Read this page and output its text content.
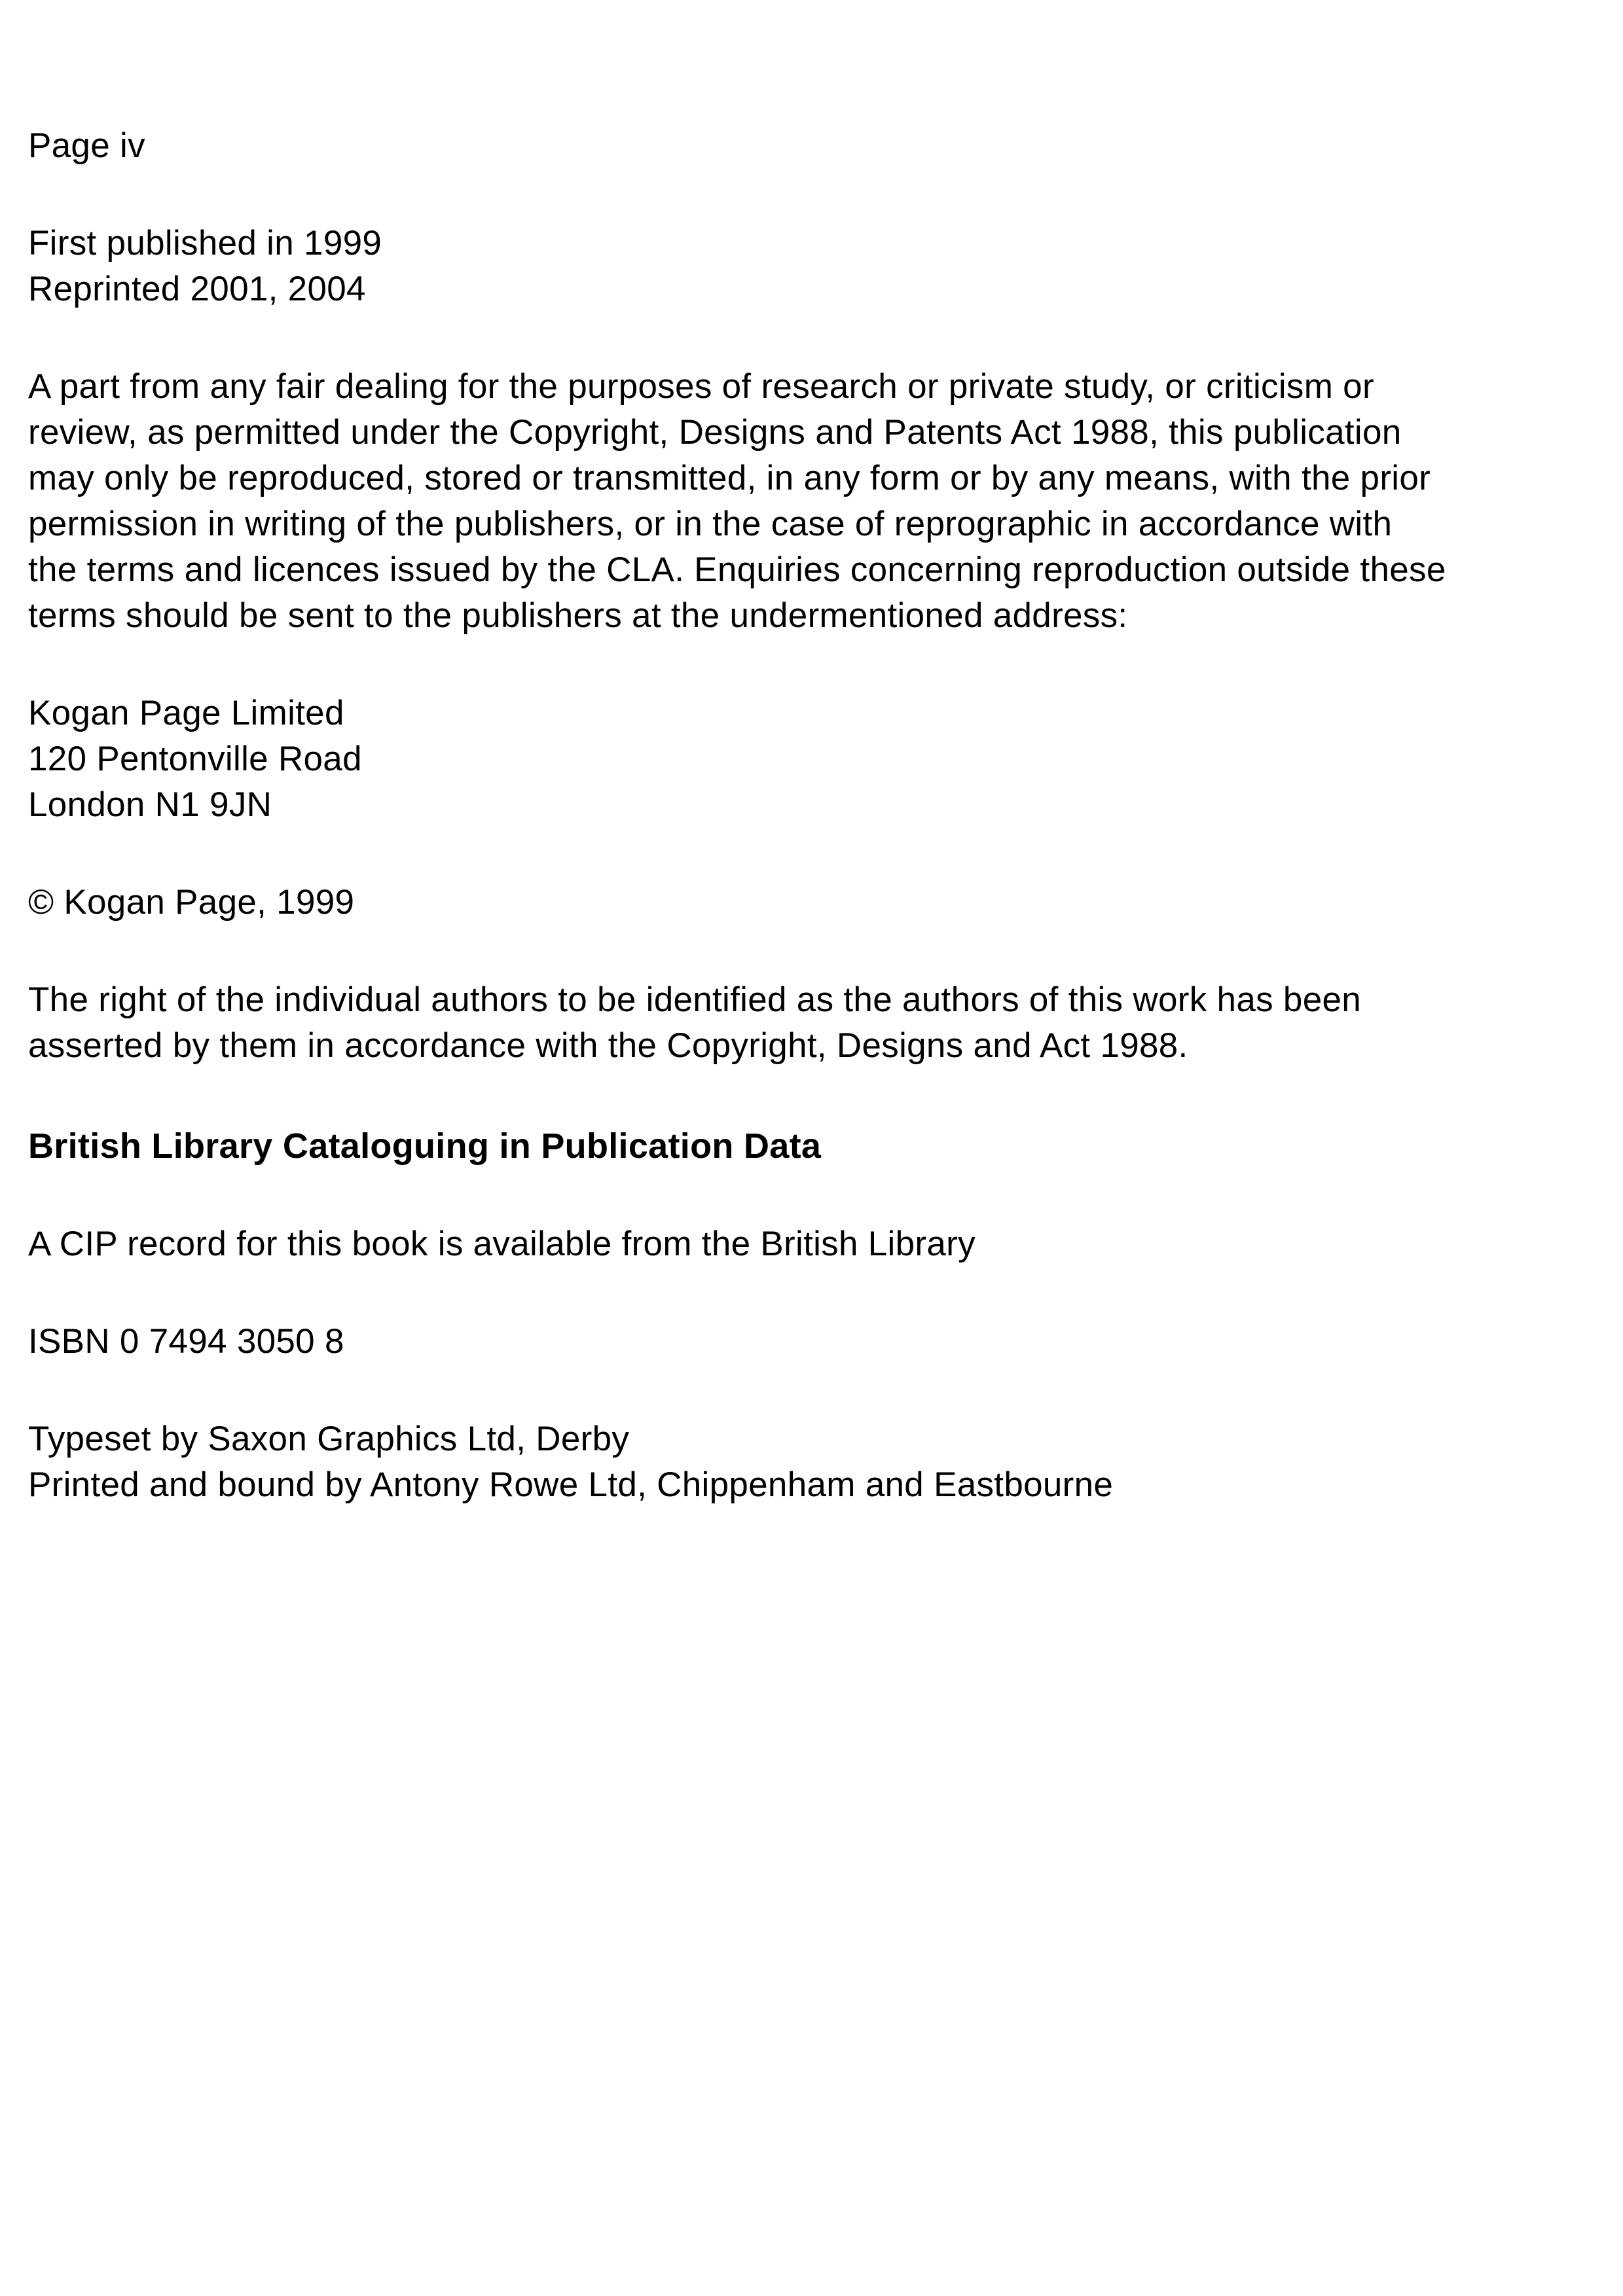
Page iv
First published in 1999
Reprinted 2001, 2004
A part from any fair dealing for the purposes of research or private study, or criticism or
review, as permitted under the Copyright, Designs and Patents Act 1988, this publication
may only be reproduced, stored or transmitted, in any form or by any means, with the prior
permission in writing of the publishers, or in the case of reprographic in accordance with
the terms and licences issued by the CLA. Enquiries concerning reproduction outside these
terms should be sent to the publishers at the undermentioned address:
Kogan Page Limited
120 Pentonville Road
London N1 9JN
© Kogan Page, 1999
The right of the individual authors to be identified as the authors of this work has been
asserted by them in accordance with the Copyright, Designs and Act 1988.
British Library Cataloguing in Publication Data
A CIP record for this book is available from the British Library
ISBN 0 7494 3050 8
Typeset by Saxon Graphics Ltd, Derby
Printed and bound by Antony Rowe Ltd, Chippenham and Eastbourne
